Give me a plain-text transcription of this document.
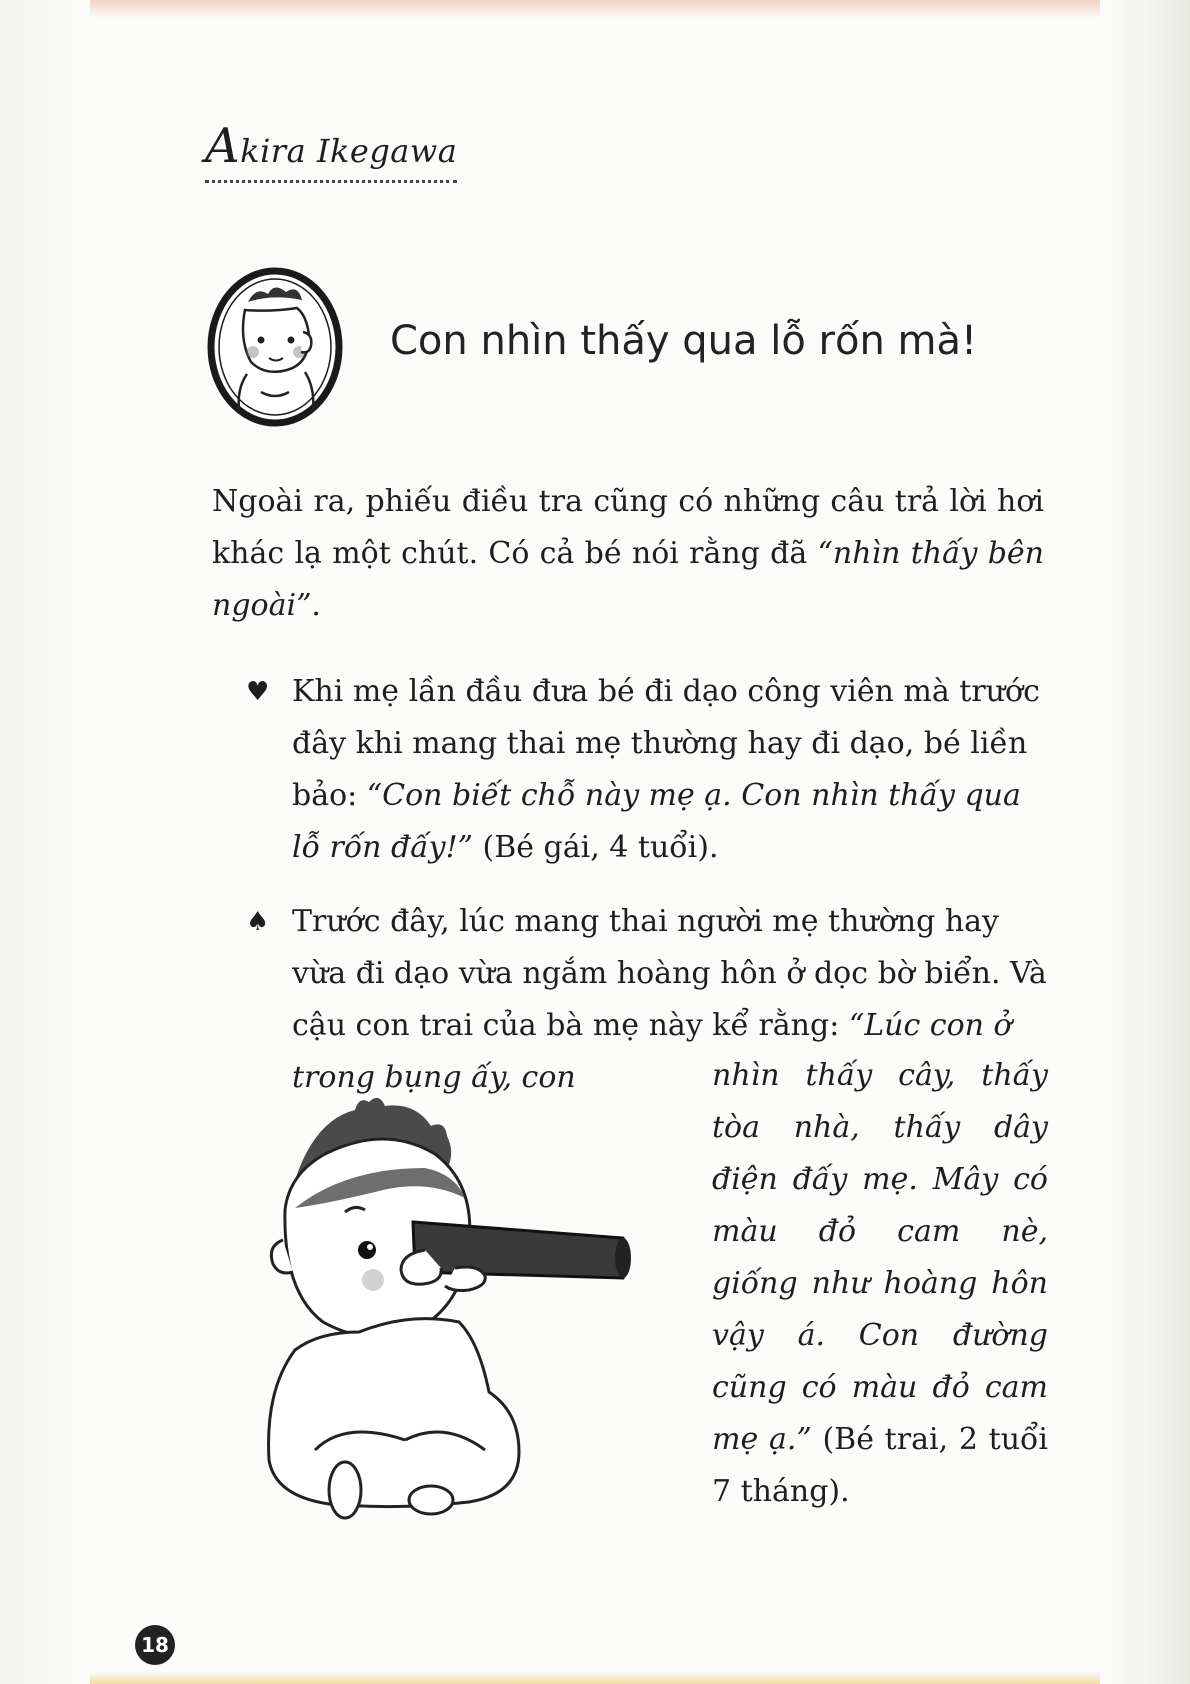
Akira Ikegawa
Con nhìn thấy qua lỗ rốn mà!

Ngoài ra, phiếu điều tra cũng có những câu trả lời hơi khác lạ một chút. Có cả bé nói rằng đã “nhìn thấy bên ngoài”.

♥ Khi mẹ lần đầu đưa bé đi dạo công viên mà trước đây khi mang thai mẹ thường hay đi dạo, bé liền bảo: “Con biết chỗ này mẹ ạ. Con nhìn thấy qua lỗ rốn đấy!” (Bé gái, 4 tuổi).

♠ Trước đây, lúc mang thai người mẹ thường hay vừa đi dạo vừa ngắm hoàng hôn ở dọc bờ biển. Và cậu con trai của bà mẹ này kể rằng: “Lúc con ở trong bụng ấy, con	nhìn thấy cây, thấy tòa nhà, thấy dây điện đấy mẹ. Mây có màu đỏ cam nè, giống như hoàng hôn vậy á. Con đường cũng có màu đỏ cam mẹ ạ.” (Bé trai, 2 tuổi 7 tháng).

18
